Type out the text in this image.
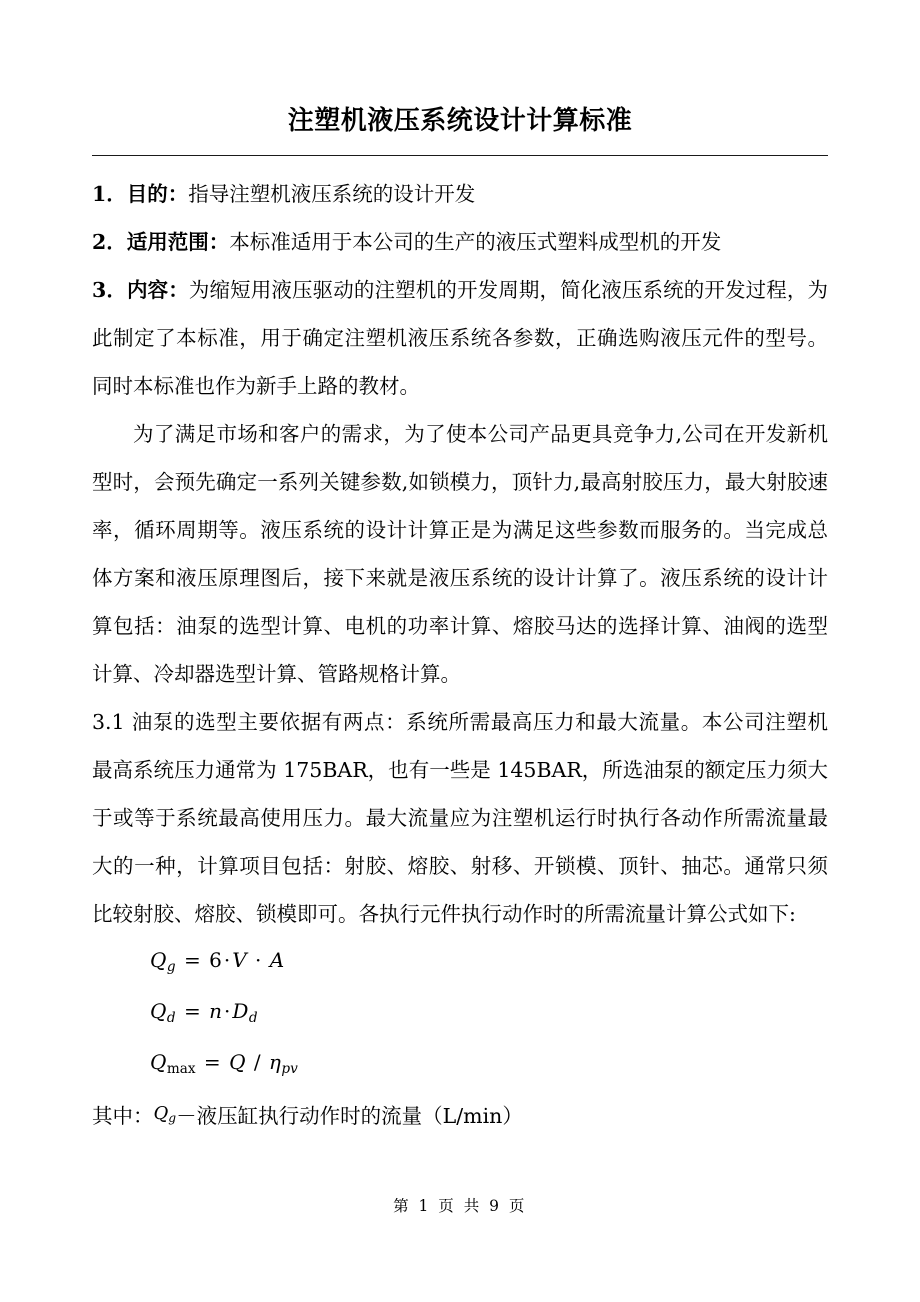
注塑机液压系统设计计算标准

1．目的：指导注塑机液压系统的设计开发

2．适用范围：本标准适用于本公司的生产的液压式塑料成型机的开发

3．内容：为缩短用液压驱动的注塑机的开发周期，简化液压系统的开发过程，为此制定了本标准，用于确定注塑机液压系统各参数，正确选购液压元件的型号。同时本标准也作为新手上路的教材。

为了满足市场和客户的需求，为了使本公司产品更具竞争力,公司在开发新机型时，会预先确定一系列关键参数,如锁模力，顶针力,最高射胶压力，最大射胶速率，循环周期等。液压系统的设计计算正是为满足这些参数而服务的。当完成总体方案和液压原理图后，接下来就是液压系统的设计计算了。液压系统的设计计算包括：油泵的选型计算、电机的功率计算、熔胶马达的选择计算、油阀的选型计算、冷却器选型计算、管路规格计算。

3.1 油泵的选型主要依据有两点：系统所需最高压力和最大流量。本公司注塑机最高系统压力通常为 175BAR，也有一些是 145BAR，所选油泵的额定压力须大于或等于系统最高使用压力。最大流量应为注塑机运行时执行各动作所需流量最大的一种，计算项目包括：射胶、熔胶、射移、开锁模、顶针、抽芯。通常只须比较射胶、熔胶、锁模即可。各执行元件执行动作时的所需流量计算公式如下:

$Q_g = 6 \cdot V \cdot A$
$Q_d = n \cdot D_d$
$Q_{max} = Q / \eta_{pv}$

其中：$Q_g-$液压缸执行动作时的流量（L/min）

第 1 页 共 9 页
